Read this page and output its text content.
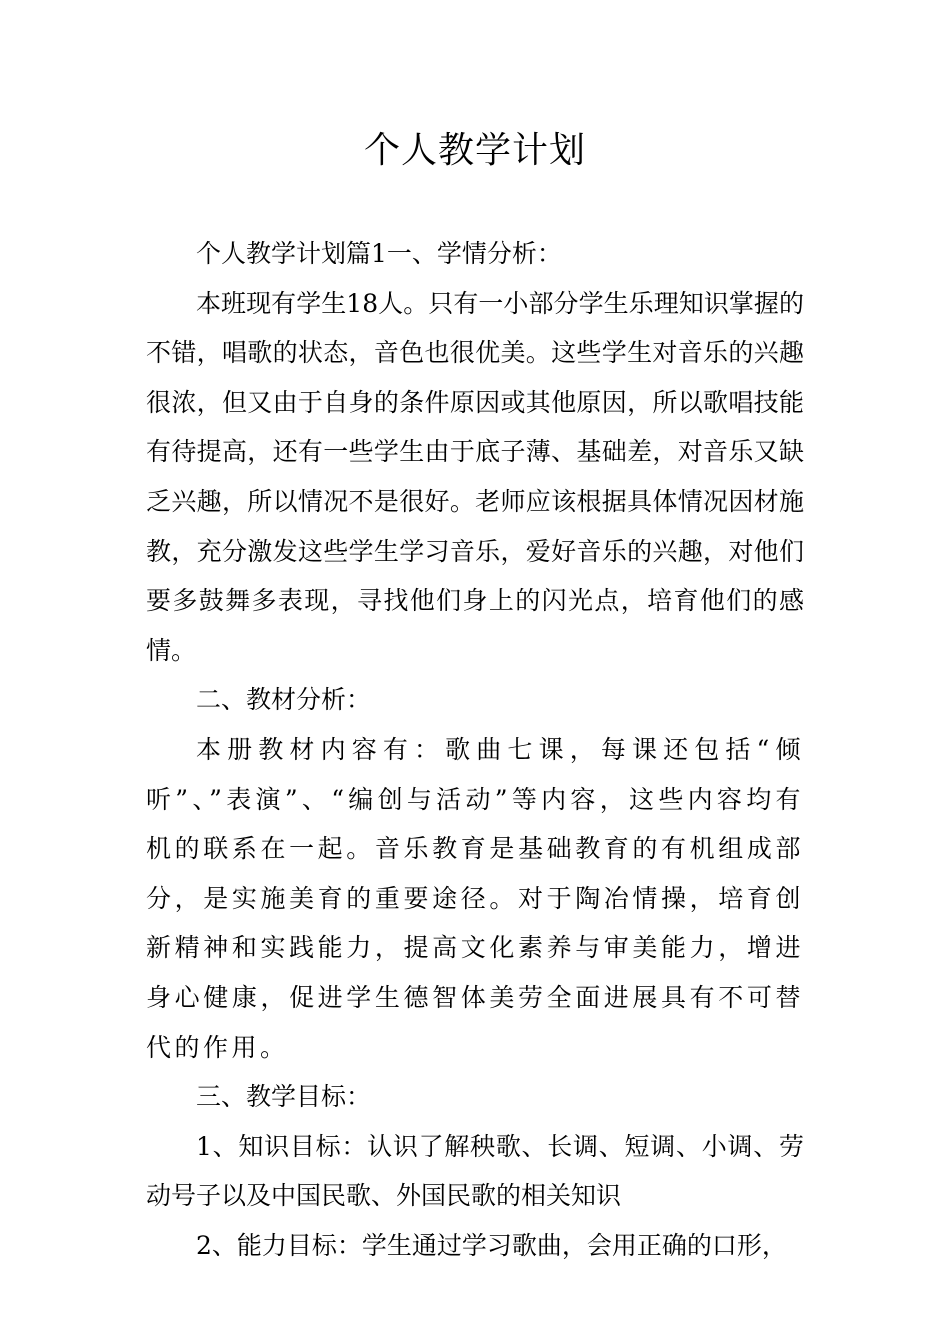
个人教学计划

个人教学计划篇1一、学情分析：

本班现有学生18人。只有一小部分学生乐理知识掌握的不错，唱歌的状态，音色也很优美。这些学生对音乐的兴趣很浓，但又由于自身的条件原因或其他原因，所以歌唱技能有待提高，还有一些学生由于底子薄、基础差，对音乐又缺乏兴趣，所以情况不是很好。老师应该根据具体情况因材施教，充分激发这些学生学习音乐，爱好音乐的兴趣，对他们要多鼓舞多表现，寻找他们身上的闪光点，培育他们的感情。

二、教材分析：

本册教材内容有：歌曲七课，每课还包括“倾听”、”表演”、“编创与活动”等内容，这些内容均有机的联系在一起。音乐教育是基础教育的有机组成部分，是实施美育的重要途径。对于陶冶情操，培育创新精神和实践能力，提高文化素养与审美能力，增进身心健康，促进学生德智体美劳全面进展具有不可替代的作用。

三、教学目标：

1、知识目标：认识了解秧歌、长调、短调、小调、劳动号子以及中国民歌、外国民歌的相关知识

2、能力目标：学生通过学习歌曲，会用正确的口形，
